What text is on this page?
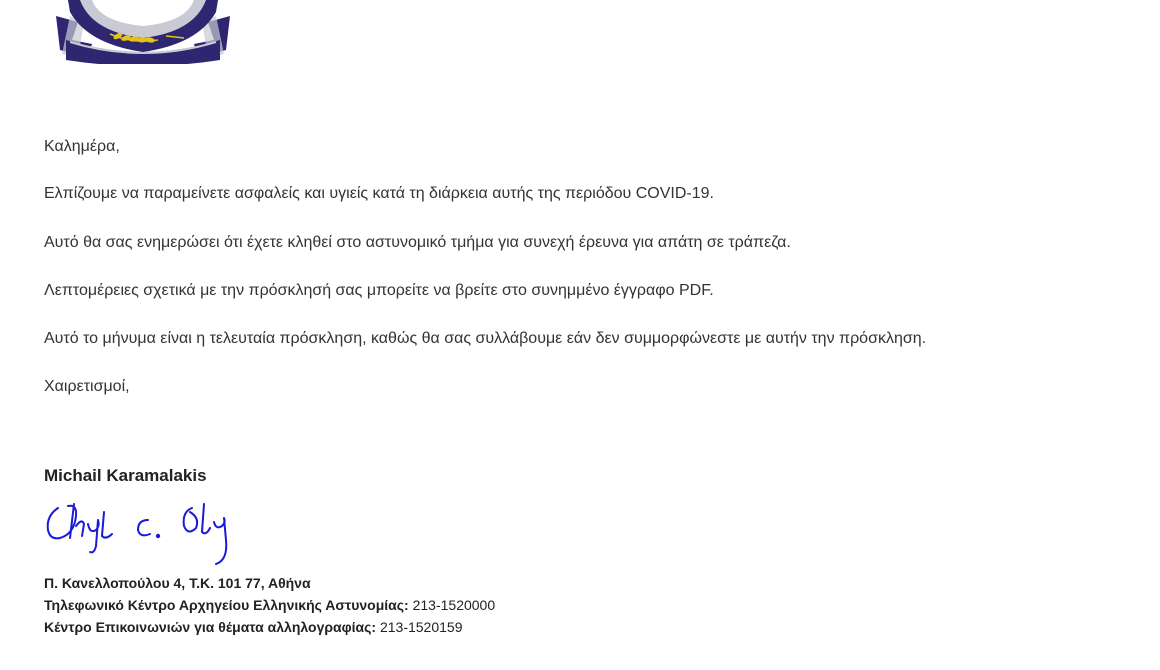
Καλημέρα,

Ελπίζουμε να παραμείνετε ασφαλείς και υγιείς κατά τη διάρκεια αυτής της περιόδου COVID-19.

Αυτό θα σας ενημερώσει ότι έχετε κληθεί στο αστυνομικό τμήμα για συνεχή έρευνα για απάτη σε τράπεζα.

Λεπτομέρειες σχετικά με την πρόσκλησή σας μπορείτε να βρείτε στο συνημμένο έγγραφο PDF.

Αυτό το μήνυμα είναι η τελευταία πρόσκληση, καθώς θα σας συλλάβουμε εάν δεν συμμορφώνεστε με αυτήν την πρόσκληση.

Χαιρετισμοί,

Michail Karamalakis

Π. Κανελλοπούλου 4, Τ.Κ. 101 77, Αθήνα

Τηλεφωνικό Κέντρο Αρχηγείου Ελληνικής Αστυνομίας: 213-1520000

Κέντρο Επικοινωνιών για θέματα αλληλογραφίας: 213-1520159
